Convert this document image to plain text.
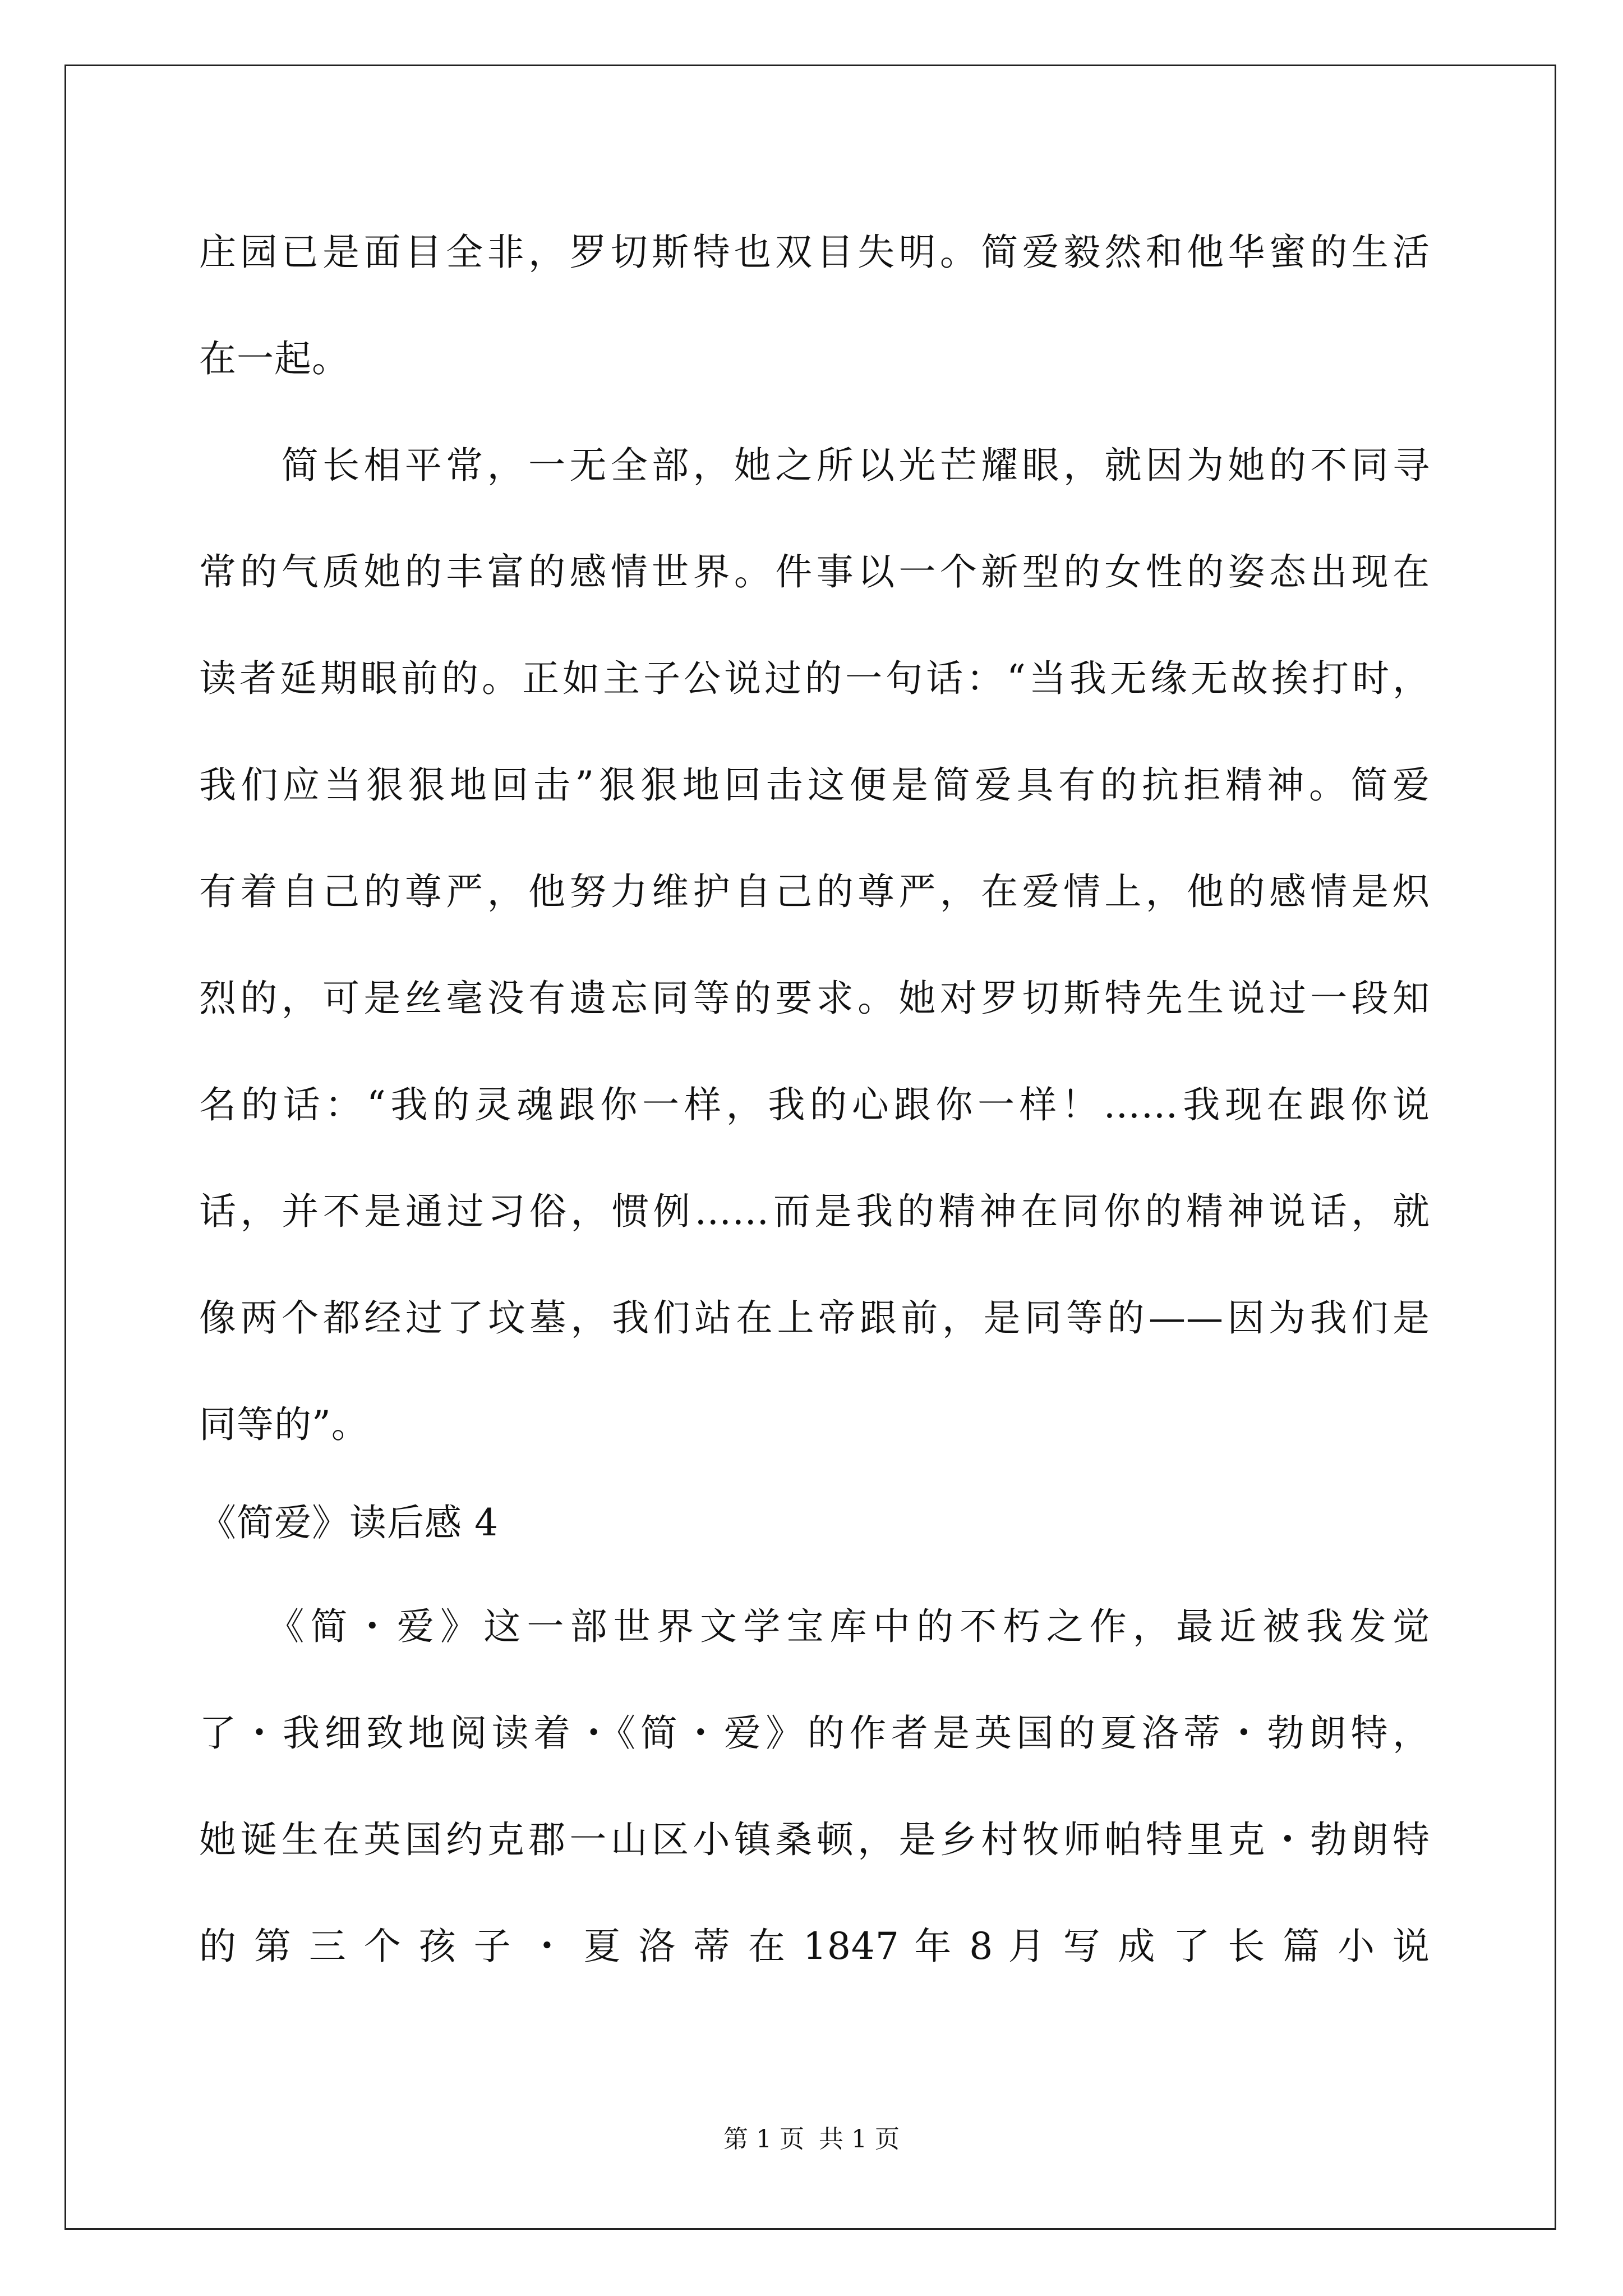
庄园已是面目全非，罗切斯特也双目失明。简爱毅然和他华蜜的生活
在一起。
　　简长相平常，一无全部，她之所以光芒耀眼，就因为她的不同寻
常的气质她的丰富的感情世界。件事以一个新型的女性的姿态出现在
读者延期眼前的。正如主子公说过的一句话：“当我无缘无故挨打时，
我们应当狠狠地回击”狠狠地回击这便是简爱具有的抗拒精神。简爱
有着自己的尊严，他努力维护自己的尊严，在爱情上，他的感情是炽
烈的，可是丝毫没有遗忘同等的要求。她对罗切斯特先生说过一段知
名的话：“我的灵魂跟你一样，我的心跟你一样！……我现在跟你说
话，并不是通过习俗，惯例……而是我的精神在同你的精神说话，就
像两个都经过了坟墓，我们站在上帝跟前，是同等的——因为我们是
同等的”。
《简爱》读后感 4
　　《简・爱》这一部世界文学宝库中的不朽之作，最近被我发觉
了・我细致地阅读着・《简・爱》的作者是英国的夏洛蒂・勃朗特，
她诞生在英国约克郡一山区小镇桑顿，是乡村牧师帕特里克・勃朗特
的 第 三 个 孩 子 ・ 夏 洛 蒂 在 1847 年 8 月 写 成 了 长 篇 小 说
第 1 页 共 1 页
